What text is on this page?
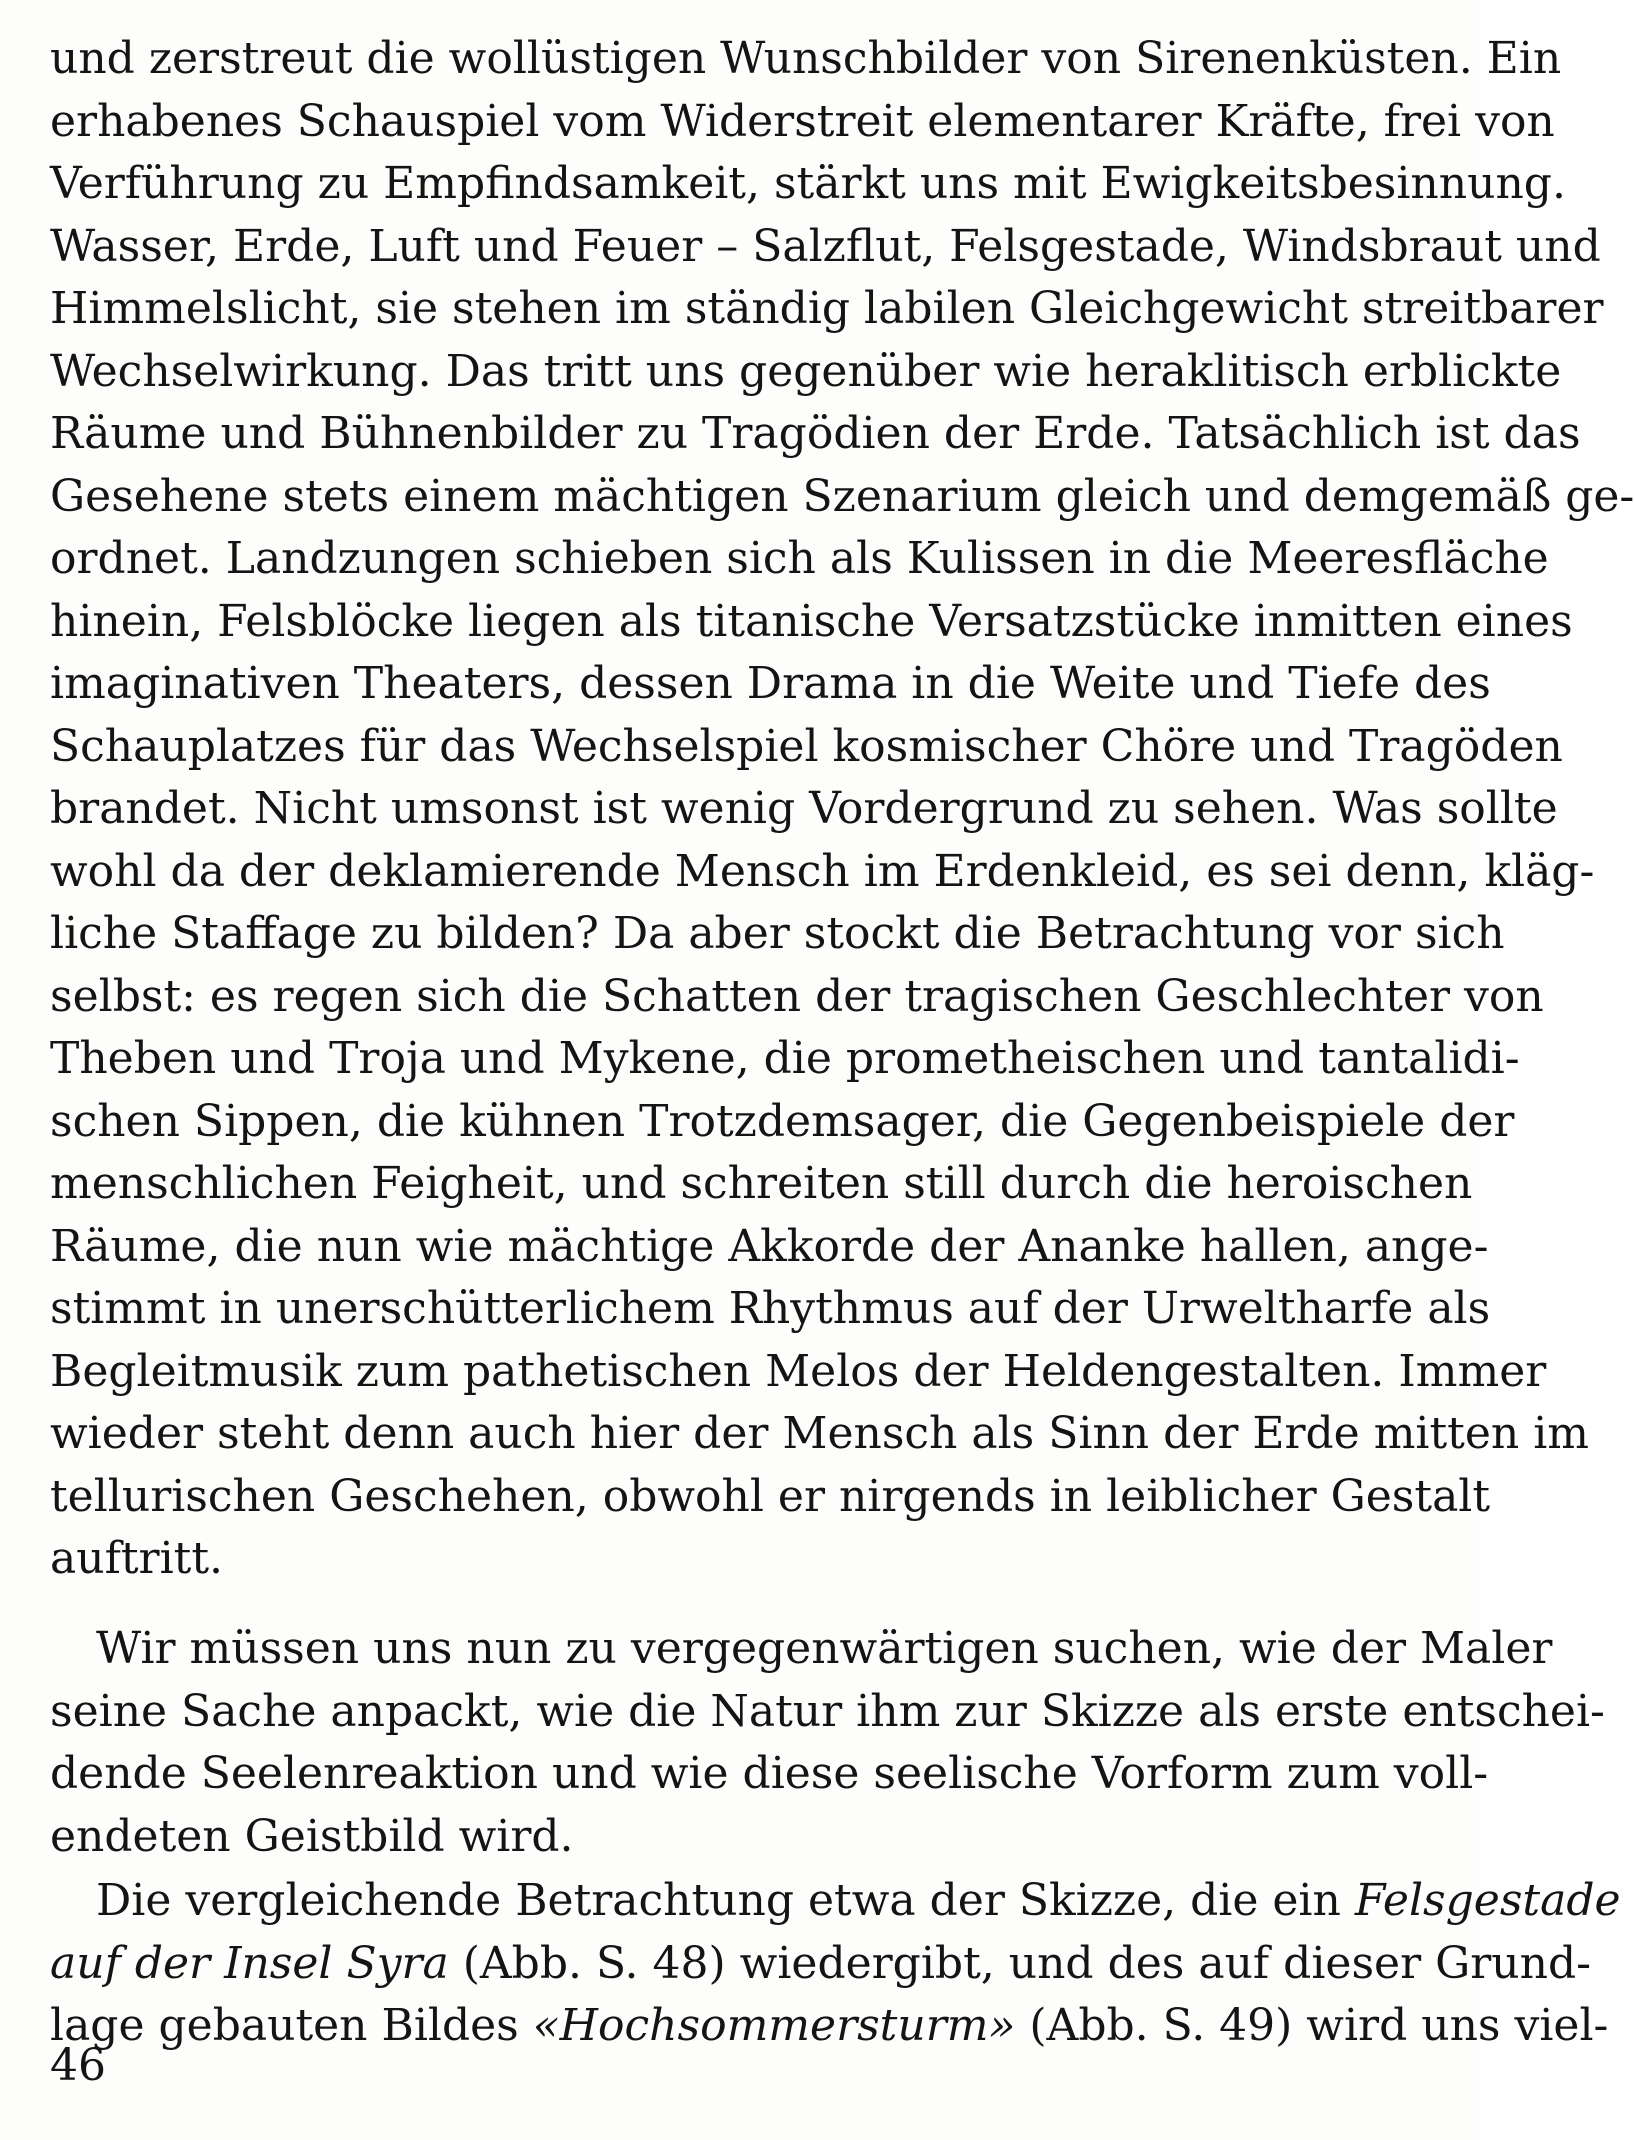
und zerstreut die wollüstigen Wunschbilder von Sirenenküsten. Ein
erhabenes Schauspiel vom Widerstreit elementarer Kräfte, frei von
Verführung zu Empfindsamkeit, stärkt uns mit Ewigkeitsbesinnung.
Wasser, Erde, Luft und Feuer – Salzflut, Felsgestade, Windsbraut und
Himmelslicht, sie stehen im ständig labilen Gleichgewicht streitbarer
Wechselwirkung. Das tritt uns gegenüber wie heraklitisch erblickte
Räume und Bühnenbilder zu Tragödien der Erde. Tatsächlich ist das
Gesehene stets einem mächtigen Szenarium gleich und demgemäß ge-
ordnet. Landzungen schieben sich als Kulissen in die Meeresfläche
hinein, Felsblöcke liegen als titanische Versatzstücke inmitten eines
imaginativen Theaters, dessen Drama in die Weite und Tiefe des
Schauplatzes für das Wechselspiel kosmischer Chöre und Tragöden
brandet. Nicht umsonst ist wenig Vordergrund zu sehen. Was sollte
wohl da der deklamierende Mensch im Erdenkleid, es sei denn, kläg-
liche Staffage zu bilden? Da aber stockt die Betrachtung vor sich
selbst: es regen sich die Schatten der tragischen Geschlechter von
Theben und Troja und Mykene, die prometheischen und tantalidi-
schen Sippen, die kühnen Trotzdemsager, die Gegenbeispiele der
menschlichen Feigheit, und schreiten still durch die heroischen
Räume, die nun wie mächtige Akkorde der Ananke hallen, ange-
stimmt in unerschütterlichem Rhythmus auf der Urweltharfe als
Begleitmusik zum pathetischen Melos der Heldengestalten. Immer
wieder steht denn auch hier der Mensch als Sinn der Erde mitten im
tellurischen Geschehen, obwohl er nirgends in leiblicher Gestalt
auftritt.
Wir müssen uns nun zu vergegenwärtigen suchen, wie der Maler
seine Sache anpackt, wie die Natur ihm zur Skizze als erste entschei-
dende Seelenreaktion und wie diese seelische Vorform zum voll-
endeten Geistbild wird.
Die vergleichende Betrachtung etwa der Skizze, die ein Felsgestade
auf der Insel Syra (Abb. S. 48) wiedergibt, und des auf dieser Grund-
lage gebauten Bildes «Hochsommersturm» (Abb. S. 49) wird uns viel-
46
